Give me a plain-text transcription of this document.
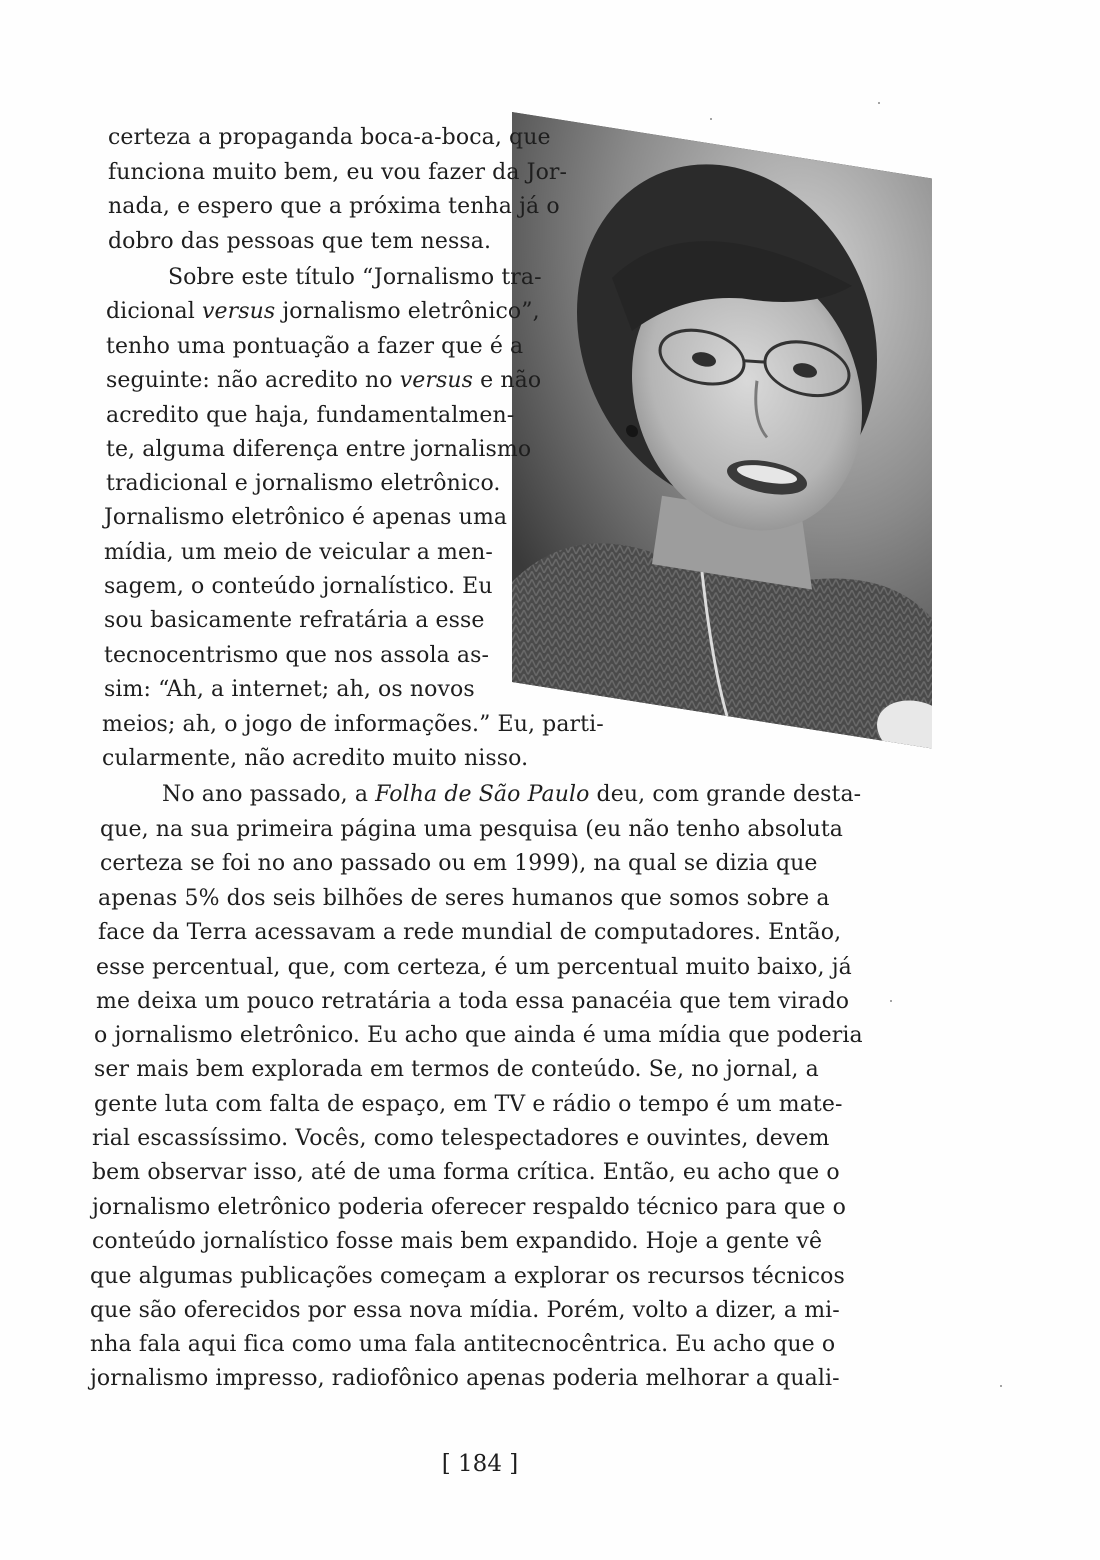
certeza a propaganda boca-a-boca, que
funciona muito bem, eu vou fazer da Jor-
nada, e espero que a próxima tenha já o
dobro das pessoas que tem nessa.
Sobre este título “Jornalismo tra-
dicional versus jornalismo eletrônico”,
tenho uma pontuação a fazer que é a
seguinte: não acredito no versus e não
acredito que haja, fundamentalmen-
te, alguma diferença entre jornalismo
tradicional e jornalismo eletrônico.
Jornalismo eletrônico é apenas uma
mídia, um meio de veicular a men-
sagem, o conteúdo jornalístico. Eu
sou basicamente refratária a esse
tecnocentrismo que nos assola as-
sim: “Ah, a internet; ah, os novos
meios; ah, o jogo de informações.” Eu, parti-
cularmente, não acredito muito nisso.
No ano passado, a Folha de São Paulo deu, com grande desta-
que, na sua primeira página uma pesquisa (eu não tenho absoluta
certeza se foi no ano passado ou em 1999), na qual se dizia que
apenas 5% dos seis bilhões de seres humanos que somos sobre a
face da Terra acessavam a rede mundial de computadores. Então,
esse percentual, que, com certeza, é um percentual muito baixo, já
me deixa um pouco retratária a toda essa panacéia que tem virado
o jornalismo eletrônico. Eu acho que ainda é uma mídia que poderia
ser mais bem explorada em termos de conteúdo. Se, no jornal, a
gente luta com falta de espaço, em TV e rádio o tempo é um mate-
rial escassíssimo. Vocês, como telespectadores e ouvintes, devem
bem observar isso, até de uma forma crítica. Então, eu acho que o
jornalismo eletrônico poderia oferecer respaldo técnico para que o
conteúdo jornalístico fosse mais bem expandido. Hoje a gente vê
que algumas publicações começam a explorar os recursos técnicos
que são oferecidos por essa nova mídia. Porém, volto a dizer, a mi-
nha fala aqui fica como uma fala antitecnocêntrica. Eu acho que o
jornalismo impresso, radiofônico apenas poderia melhorar a quali-
[ 184 ]
